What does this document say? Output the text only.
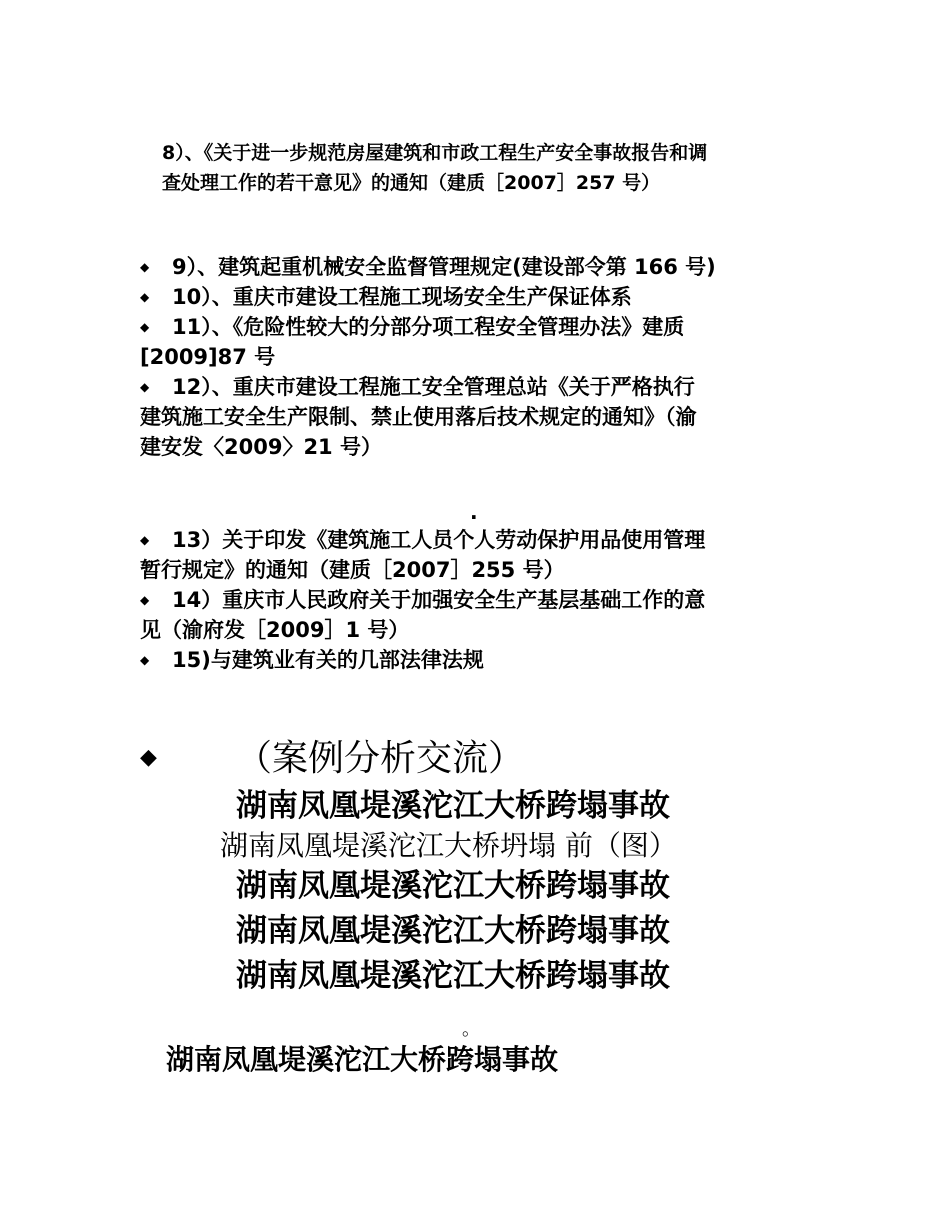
8）、《关于进一步规范房屋建筑和市政工程生产安全事故报告和调
查处理工作的若干意见》的通知（建质［2007］257 号）
◆ 9）、建筑起重机械安全监督管理规定(建设部令第 166 号)
◆ 10）、重庆市建设工程施工现场安全生产保证体系
◆ 11）、《危险性较大的分部分项工程安全管理办法》建质
[2009]87 号
◆ 12）、重庆市建设工程施工安全管理总站《关于严格执行
建筑施工安全生产限制、禁止使用落后技术规定的通知》（渝
建安发〈2009〉21 号）
.
◆ 13）关于印发《建筑施工人员个人劳动保护用品使用管理
暂行规定》的通知（建质［2007］255 号）
◆ 14）重庆市人民政府关于加强安全生产基层基础工作的意
见（渝府发［2009］1 号）
◆ 15)与建筑业有关的几部法律法规
◆ （案例分析交流）
湖南凤凰堤溪沱江大桥跨塌事故
湖南凤凰堤溪沱江大桥坍塌 前（图）
湖南凤凰堤溪沱江大桥跨塌事故
湖南凤凰堤溪沱江大桥跨塌事故
湖南凤凰堤溪沱江大桥跨塌事故
。
湖南凤凰堤溪沱江大桥跨塌事故
